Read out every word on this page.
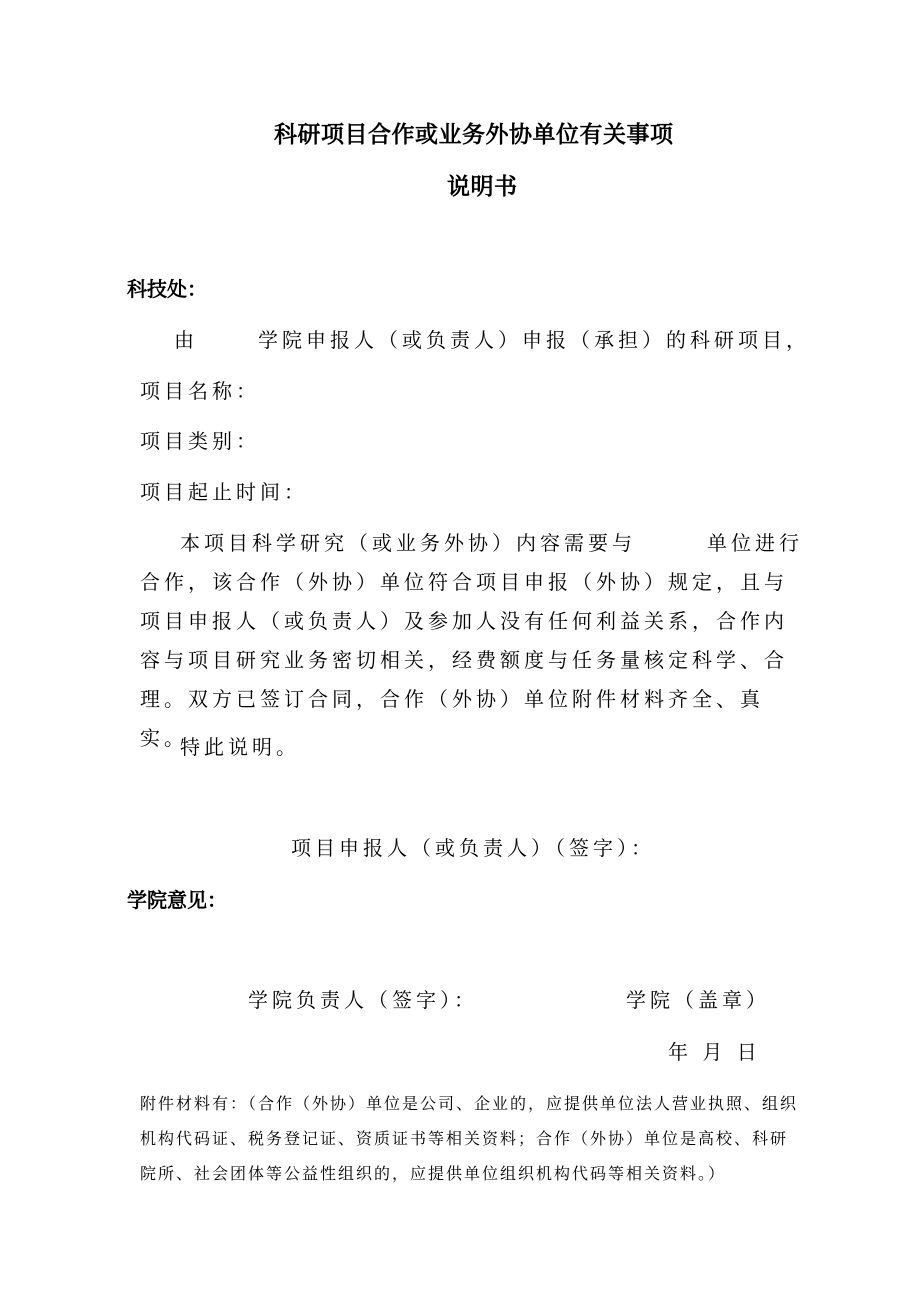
科研项目合作或业务外协单位有关事项
说明书
科技处：
由	学院申报人（或负责人）申报（承担）的科研项目，
项目名称：
项目类别：
项目起止时间：
本项目科学研究（或业务外协）内容需要与	单位进行
合作，该合作（外协）单位符合项目申报（外协）规定，且与项目申报人（或负责人）及参加人没有任何利益关系，合作内容与项目研究业务密切相关，经费额度与任务量核定科学、合理。双方已签订合同，合作（外协）单位附件材料齐全、真实。
特此说明。
项目申报人（或负责人）（签字）：
学院意见：
学院负责人（签字）：	学院（盖章）
年 月 日
附件材料有：（合作（外协）单位是公司、企业的，应提供单位法人营业执照、组织机构代码证、税务登记证、资质证书等相关资料；合作（外协）单位是高校、科研院所、社会团体等公益性组织的，应提供单位组织机构代码等相关资料。）
